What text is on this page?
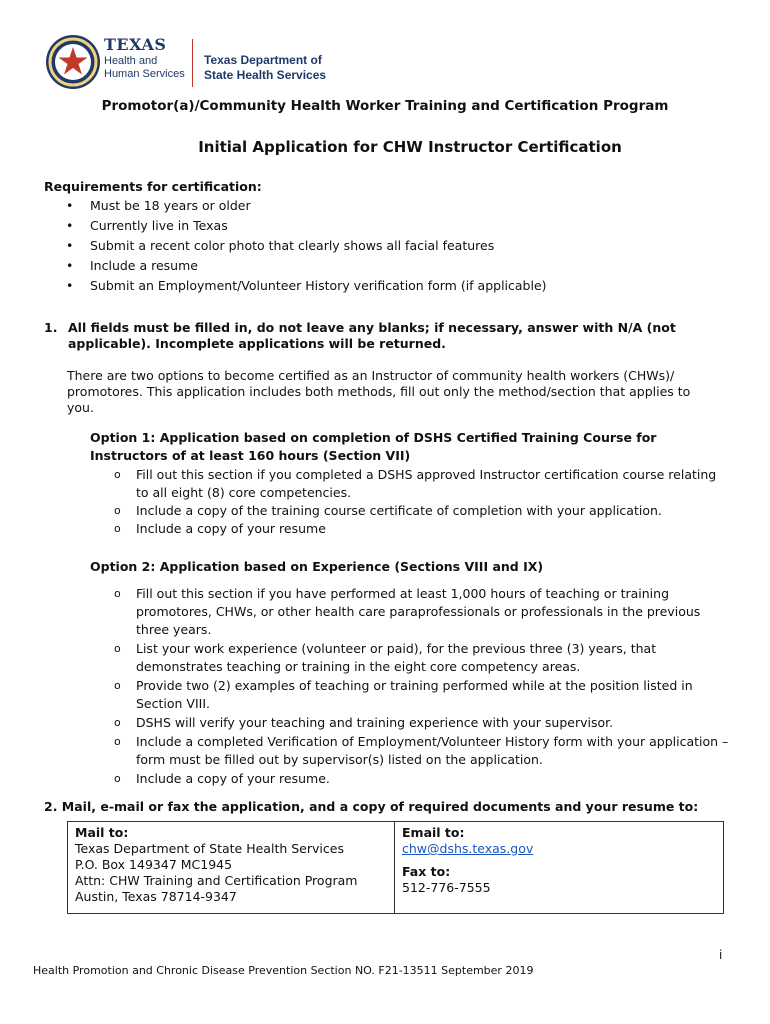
TEXAS
Health and Human Services
Texas Department of State Health Services
Promotor(a)/Community Health Worker Training and Certification Program
Initial Application for CHW Instructor Certification
Requirements for certification:
• Must be 18 years or older
• Currently live in Texas
• Submit a recent color photo that clearly shows all facial features
• Include a resume
• Submit an Employment/Volunteer History verification form (if applicable)
1. All fields must be filled in, do not leave any blanks; if necessary, answer with N/A (not applicable). Incomplete applications will be returned.
There are two options to become certified as an Instructor of community health workers (CHWs)/ promotores. This application includes both methods, fill out only the method/section that applies to you.
Option 1: Application based on completion of DSHS Certified Training Course for Instructors of at least 160 hours (Section VII)
o Fill out this section if you completed a DSHS approved Instructor certification course relating to all eight (8) core competencies.
o Include a copy of the training course certificate of completion with your application.
o Include a copy of your resume
Option 2: Application based on Experience (Sections VIII and IX)
o Fill out this section if you have performed at least 1,000 hours of teaching or training promotores, CHWs, or other health care paraprofessionals or professionals in the previous three years.
o List your work experience (volunteer or paid), for the previous three (3) years, that demonstrates teaching or training in the eight core competency areas.
o Provide two (2) examples of teaching or training performed while at the position listed in Section VIII.
o DSHS will verify your teaching and training experience with your supervisor.
o Include a completed Verification of Employment/Volunteer History form with your application – form must be filled out by supervisor(s) listed on the application.
o Include a copy of your resume.
2. Mail, e-mail or fax the application, and a copy of required documents and your resume to:
Mail to:
Texas Department of State Health Services
P.O. Box 149347 MC1945
Attn: CHW Training and Certification Program
Austin, Texas 78714-9347

Email to:
chw@dshs.texas.gov
Fax to:
512-776-7555
i
Health Promotion and Chronic Disease Prevention Section NO. F21-13511 September 2019
